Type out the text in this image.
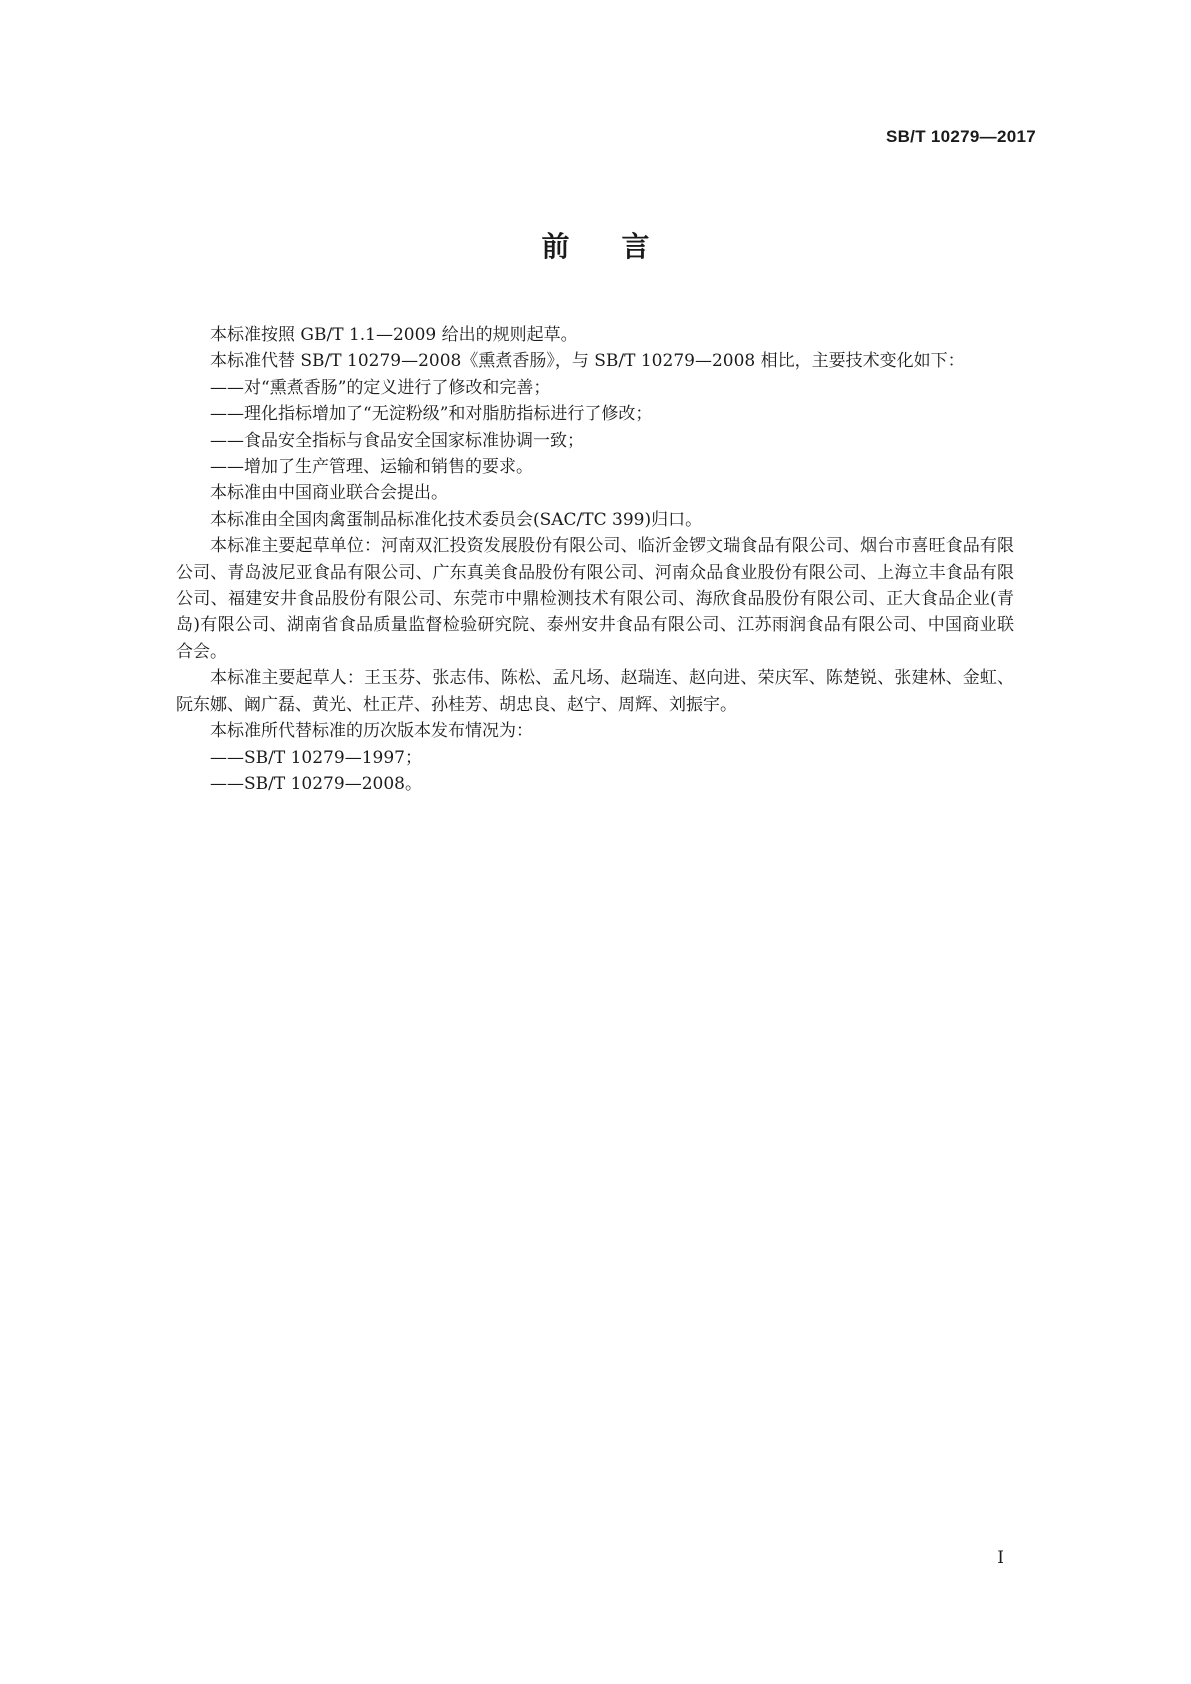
SB/T 10279—2017
前言

本标准按照 GB/T 1.1—2009 给出的规则起草。

本标准代替 SB/T 10279—2008《熏煮香肠》，与 SB/T 10279—2008 相比，主要技术变化如下：

——对“熏煮香肠”的定义进行了修改和完善；

——理化指标增加了“无淀粉级”和对脂肪指标进行了修改；

——食品安全指标与食品安全国家标准协调一致；

——增加了生产管理、运输和销售的要求。

本标准由中国商业联合会提出。

本标准由全国肉禽蛋制品标准化技术委员会(SAC/TC 399)归口。

本标准主要起草单位：河南双汇投资发展股份有限公司、临沂金锣文瑞食品有限公司、烟台市喜旺食品有限公司、青岛波尼亚食品有限公司、广东真美食品股份有限公司、河南众品食业股份有限公司、上海立丰食品有限公司、福建安井食品股份有限公司、东莞市中鼎检测技术有限公司、海欣食品股份有限公司、正大食品企业(青岛)有限公司、湖南省食品质量监督检验研究院、泰州安井食品有限公司、江苏雨润食品有限公司、中国商业联合会。

本标准主要起草人：王玉芬、张志伟、陈松、孟凡场、赵瑞连、赵向进、荣庆军、陈楚锐、张建林、金虹、阮东娜、阚广磊、黄光、杜正芹、孙桂芳、胡忠良、赵宁、周辉、刘振宇。

本标准所代替标准的历次版本发布情况为：

——SB/T 10279—1997；

——SB/T 10279—2008。

I
